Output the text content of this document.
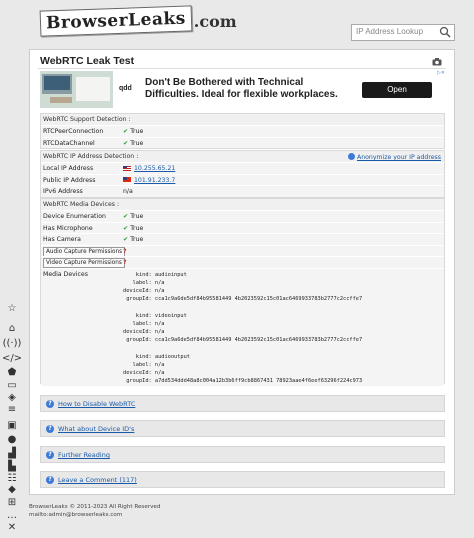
BrowserLeaks .com
IP Address Lookup
☆
⌂
((·))
</>
⬟
▭
◈
≡
▣
●
▟
▙
☷
◆
⊞
…
✕
WebRTC Leak Test
qdd
Don't Be Bothered with Technical Difficulties. Ideal for flexible workplaces.	Open
▷✕
WebRTC Support Detection :
RTCPeerConnection	✔ True
RTCDataChannel	✔ True
WebRTC IP Address Detection :	Anonymize your IP address
Local IP Address	10.255.65.21
Public IP Address	101.91.233.7
IPv6 Address	n/a
WebRTC Media Devices :
Device Enumeration	✔ True
Has Microphone	✔ True
Has Camera	✔ True
Audio Capture Permissions ?
Video Capture Permissions ?
Media Devices	kind: audioinput
label: n/a
deviceId: n/a
groupId: cca1c9a6de5df84b95581449 4b2023592c15c01ac6469933783b2777c2ccffe7

kind: videoinput
label: n/a
deviceId: n/a
groupId: cca1c9a6de5df84b95581449 4b2023592c15c01ac6469933783b2777c2ccffe7

kind: audiooutput
label: n/a
deviceId: n/a
groupId: a7dd534ddd48a8c004a12b3b6ff9cb8867431 78923aae4f6eef63296f224c973
? How to Disable WebRTC
? What about Device ID's
? Further Reading
? Leave a Comment (117)
BrowserLeaks © 2011-2023 All Right Reserved
mailto:admin@browserleaks.com
